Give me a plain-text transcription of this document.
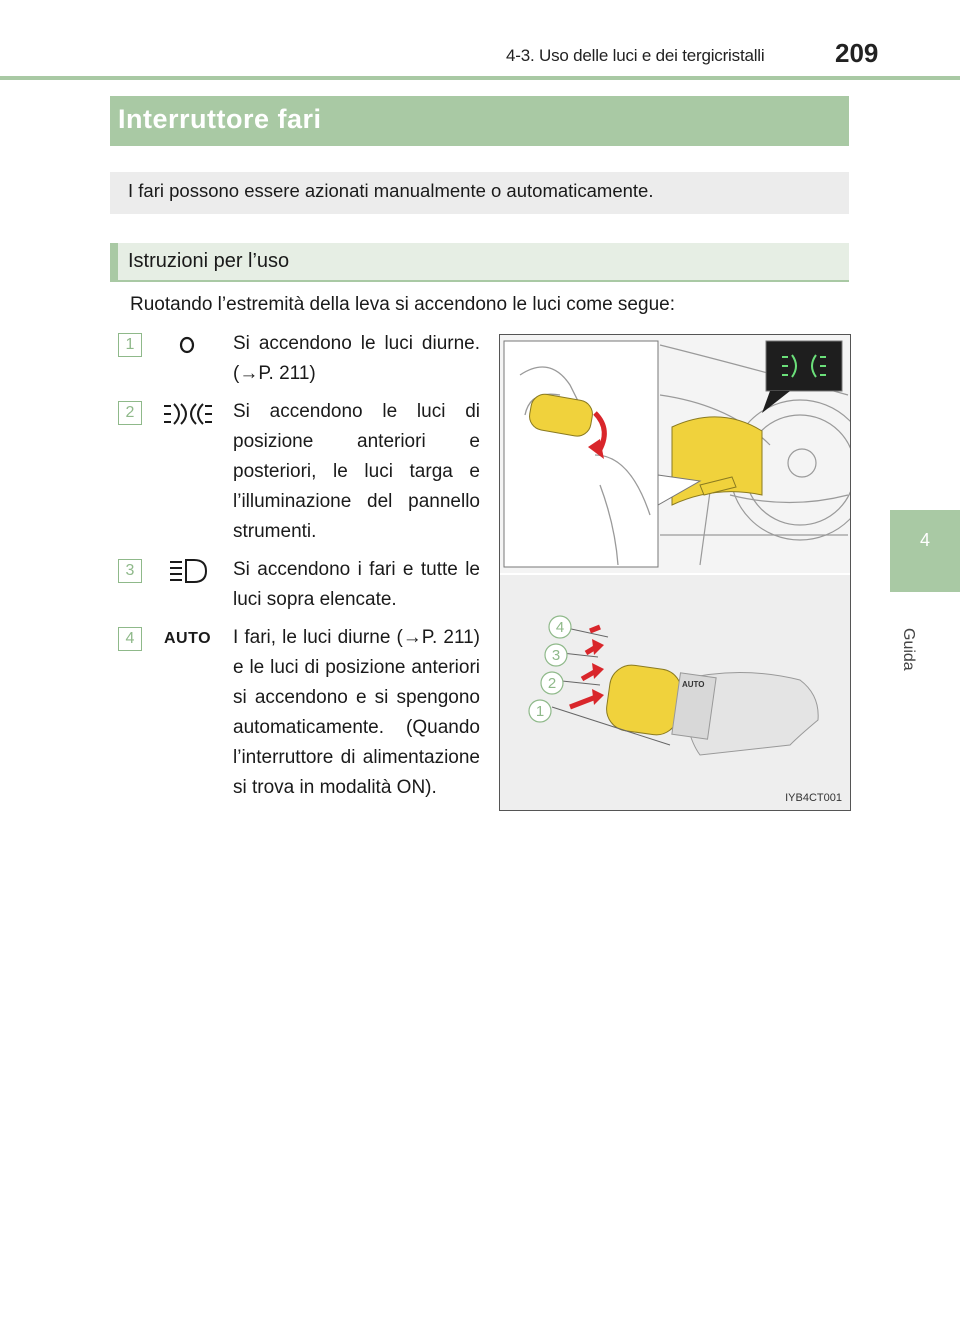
4-3. Uso delle luci e dei tergicristalli	209
4
Guida
Interruttore fari
I fari possono essere azionati manualmente o automaticamente.
Istruzioni per l’uso
Ruotando l’estremità della leva si accendono le luci come segue:
1	Si accendono le luci diurne. (→P. 211)
2	Si accendono le luci di posizione anteriori e posteriori, le luci targa e l’illuminazione del pannello strumenti.
3	Si accendono i fari e tutte le luci sopra elencate.
4	AUTO I fari, le luci diurne (→P. 211) e le luci di posizione anteriori si accendono e si spengono automaticamente. (Quando l’interruttore di alimentazione si trova in modalità ON).
1
2
3
4
AUTO
IYB4CT001
